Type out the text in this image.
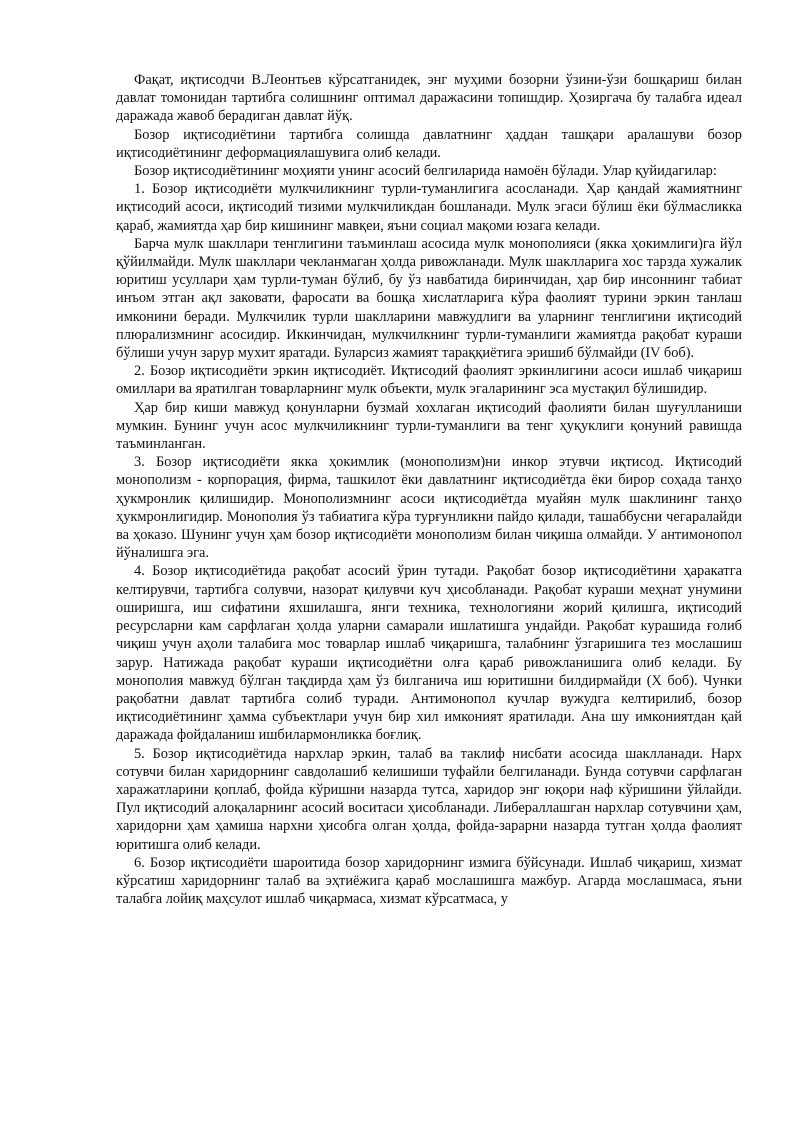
Фақат, иқтисодчи В.Леонтьев кўрсатганидек, энг муҳими бозорни ўзини-ўзи бошқариш билан давлат томонидан тартибга солишнинг оптимал даражасини топишдир. Ҳозиргача бу талабга идеал даражада жавоб берадиган давлат йўқ.

Бозор иқтисодиётини тартибга солишда давлатнинг ҳаддан ташқари аралашуви бозор иқтисодиётининг деформациялашувига олиб келади.

Бозор иқтисодиётининг моҳияти унинг асосий белгиларида намоён бўлади. Улар қуйидагилар:

1. Бозор иқтисодиёти мулкчиликнинг турли-туманлигига асосланади. Ҳар қандай жамиятнинг иқтисодий асоси, иқтисодий тизими мулкчиликдан бошланади. Мулк эгаси бўлиш ёки бўлмасликка қараб, жамиятда ҳар бир кишининг мавқеи, яъни социал мақоми юзага келади.

Барча мулк шакллари тенглигини таъминлаш асосида мулк монополияси (якка ҳокимлиги)га йўл қўйилмайди. Мулк шакллари чекланмаган ҳолда ривожланади. Мулк шаклларига хос тарзда хужалик юритиш усуллари ҳам турли-туман бўлиб, бу ўз навбатида биринчидан, ҳар бир инсоннинг табиат инъом этган ақл заковати, фаросати ва бошқа хислатларига кўра фаолият турини эркин танлаш имконини беради. Мулкчилик турли шаклларини мавжудлиги ва уларнинг тенглигини иқтисодий плюрализмнинг асосидир. Иккинчидан, мулкчилкнинг турли-туманлиги жамиятда рақобат кураши бўлиши учун зарур мухит яратади. Буларсиз жамият тараққиётига эришиб бўлмайди (IV боб).

2. Бозор иқтисодиёти эркин иқтисодиёт. Иқтисодий фаолият эркинлигини асоси ишлаб чиқариш омиллари ва яратилган товарларнинг мулк объекти, мулк эгаларининг эса мустақил бўлишидир.

Ҳар бир киши мавжуд қонунларни бузмай хохлаган иқтисодий фаолияти билан шуғулланиши мумкин. Бунинг учун асос мулкчиликнинг турли-туманлиги ва тенг ҳуқуклиги қонуний равишда таъминланган.

3. Бозор иқтисодиёти якка ҳокимлик (монополизм)ни инкор этувчи иқтисод. Иқтисодий монополизм - корпорация, фирма, ташкилот ёки давлатнинг иқтисодиётда ёки бирор соҳада танҳо ҳукмронлик қилишидир. Монополизмнинг асоси иқтисодиётда муайян мулк шаклининг танҳо ҳукмронлигидир. Монополия ўз табиатига кўра турғунликни пайдо қилади, ташаббусни чегаралайди ва ҳоказо. Шунинг учун ҳам бозор иқтисодиёти монополизм билан чиқиша олмайди. У антимонопол йўналишга эга.

4. Бозор иқтисодиётида рақобат асосий ўрин тутади. Рақобат бозор иқтисодиётини ҳаракатга келтирувчи, тартибга солувчи, назорат қилувчи куч ҳисобланади. Рақобат кураши меҳнат унумини оширишга, иш сифатини яхшилашга, янги техника, технологияни жорий қилишга, иқтисодий ресурсларни кам сарфлаган ҳолда уларни самарали ишлатишга ундайди. Рақобат курашида ғолиб чиқиш учун аҳоли талабига мос товарлар ишлаб чиқаришга, талабнинг ўзгаришига тез мослашиш зарур. Натижада рақобат кураши иқтисодиётни олға қараб ривожланишига олиб келади. Бу монополия мавжуд бўлган тақдирда ҳам ўз билганича иш юритишни билдирмайди (Х боб). Чунки рақобатни давлат тартибга солиб туради. Антимонопол кучлар вужудга келтирилиб, бозор иқтисодиётининг ҳамма субъектлари учун бир хил имконият яратилади. Ана шу имкониятдан қай даражада фойдаланиш ишбилармонликка боғлиқ.

5. Бозор иқтисодиётида нархлар эркин, талаб ва таклиф нисбати асосида шаклланади. Нарх сотувчи билан харидорнинг савдолашиб келишиши туфайли белгиланади. Бунда сотувчи сарфлаган харажатларини қоплаб, фойда кўришни назарда тутса, харидор энг юқори наф кўришини ўйлайди. Пул иқтисодий алоқаларнинг асосий воситаси ҳисобланади. Либераллашган нархлар сотувчини ҳам, харидорни ҳам ҳамиша нархни ҳисобга олган ҳолда, фойда-зарарни назарда тутган ҳолда фаолият юритишга олиб келади.

6. Бозор иқтисодиёти шароитида бозор харидорнинг измига бўйсунади. Ишлаб чиқариш, хизмат кўрсатиш харидорнинг талаб ва эҳтиёжига қараб мослашишга мажбур. Агарда мослашмаса, яъни талабга лойиқ маҳсулот ишлаб чиқармаса, хизмат кўрсатмаса, у
